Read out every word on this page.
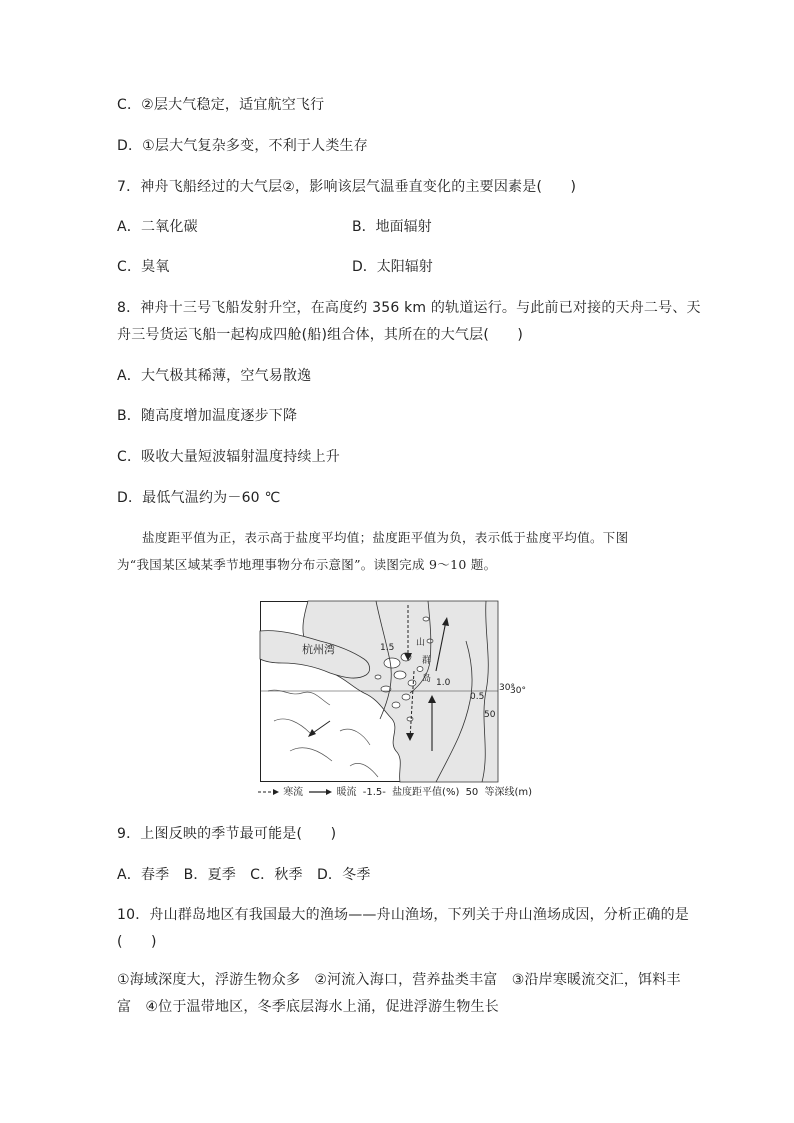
C．②层大气稳定，适宜航空飞行
D．①层大气复杂多变，不利于人类生存
7．神舟飞船经过的大气层②，影响该层气温垂直变化的主要因素是(　　)
A．二氧化碳	B．地面辐射
C．臭氧	D．太阳辐射
8．神舟十三号飞船发射升空，在高度约 356 km 的轨道运行。与此前已对接的天舟二号、天
舟三号货运飞船一起构成四舱(船)组合体，其所在的大气层(　　)
A．大气极其稀薄，空气易散逸
B．随高度增加温度逐步下降
C．吸收大量短波辐射温度持续上升
D．最低气温约为－60 ℃
盐度距平值为正，表示高于盐度平均值；盐度距平值为负，表示低于盐度平均值。下图
为“我国某区域某季节地理事物分布示意图”。读图完成 9～10 题。
杭州湾	1.5 山
群
岛 1.0
0.5
50
30°
30°
寒流	暖流 -1.5- 盐度距平值(%) 50 等深线(m)
9．上图反映的季节最可能是(　　)
A．春季　B．夏季　C．秋季　D．冬季
10．舟山群岛地区有我国最大的渔场——舟山渔场，下列关于舟山渔场成因，分析正确的是
(　　)
①海域深度大，浮游生物众多　②河流入海口，营养盐类丰富　③沿岸寒暖流交汇，饵料丰
富　④位于温带地区，冬季底层海水上涌，促进浮游生物生长
